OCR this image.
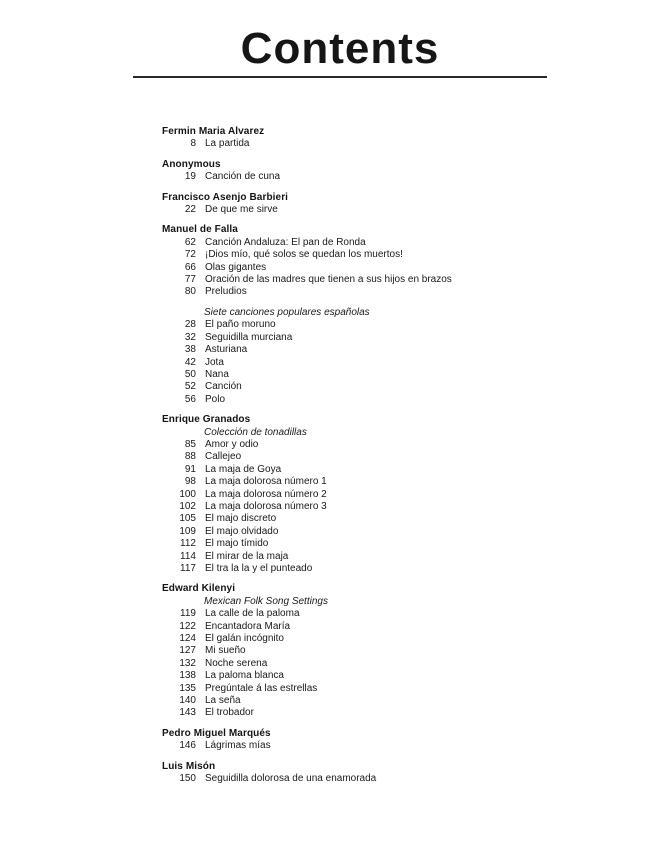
Contents
Fermin Maria Alvarez
8 La partida
Anonymous
19 Canción de cuna
Francisco Asenjo Barbieri
22 De que me sirve
Manuel de Falla
62 Canción Andaluza: El pan de Ronda
72 ¡Dios mío, qué solos se quedan los muertos!
66 Olas gigantes
77 Oración de las madres que tienen a sus hijos en brazos
80 Preludios
Siete canciones populares españolas
28 El paño moruno
32 Seguidilla murciana
38 Asturiana
42 Jota
50 Nana
52 Canción
56 Polo
Enrique Granados
Colección de tonadillas
85 Amor y odio
88 Callejeo
91 La maja de Goya
98 La maja dolorosa número 1
100 La maja dolorosa número 2
102 La maja dolorosa número 3
105 El majo discreto
109 El majo olvidado
112 El majo tímido
114 El mirar de la maja
117 El tra la la y el punteado
Edward Kilenyi
Mexican Folk Song Settings
119 La calle de la paloma
122 Encantadora María
124 El galán incógnito
127 Mi sueño
132 Noche serena
138 La paloma blanca
135 Pregúntale á las estrellas
140 La seña
143 El trobador
Pedro Miguel Marqués
146 Lágrimas mías
Luis Misón
150 Seguidilla dolorosa de una enamorada
